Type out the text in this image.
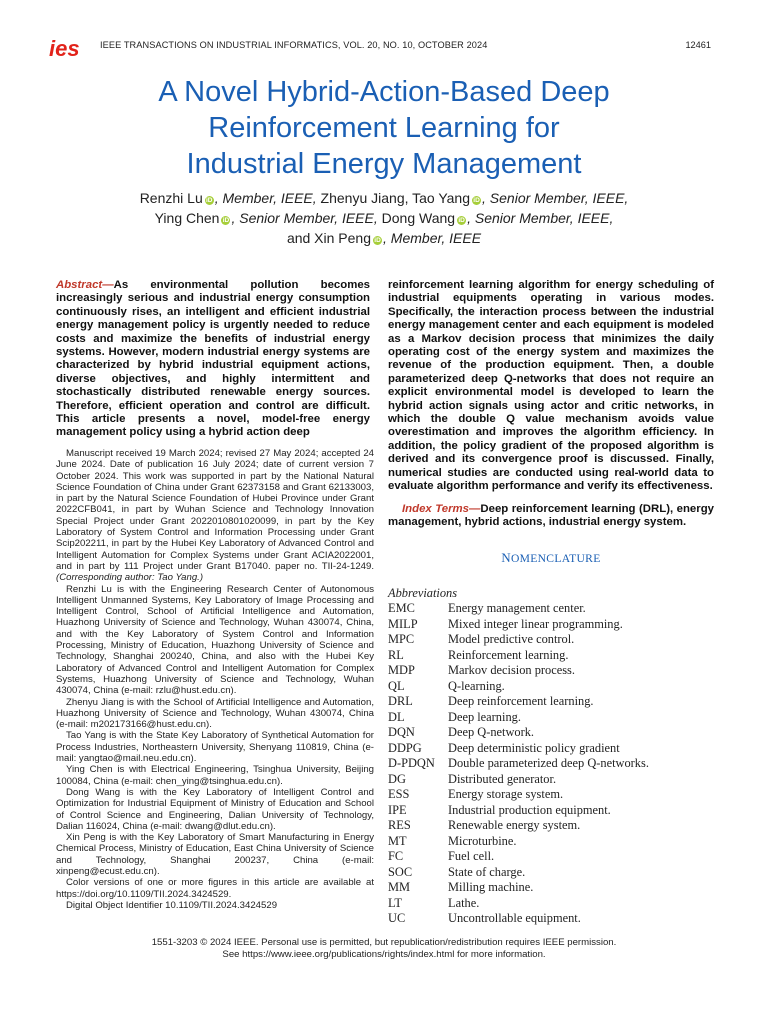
ies IEEE TRANSACTIONS ON INDUSTRIAL INFORMATICS, VOL. 20, NO. 10, OCTOBER 2024	12461
A Novel Hybrid-Action-Based Deep
Reinforcement Learning for
Industrial Energy Management
Renzhi Lu iD , Member, IEEE, Zhenyu Jiang, Tao Yang iD , Senior Member, IEEE,
Ying Chen iD , Senior Member, IEEE, Dong Wang iD , Senior Member, IEEE,
and Xin Peng iD , Member, IEEE
Abstract—As environmental pollution becomes increasingly serious and industrial energy consumption continuously rises, an intelligent and efficient industrial energy management policy is urgently needed to reduce costs and maximize the benefits of industrial energy systems. However, modern industrial energy systems are characterized by hybrid industrial equipment actions, diverse objectives, and highly intermittent and stochastically distributed renewable energy sources. Therefore, efficient operation and control are difficult. This article presents a novel, model-free energy management policy using a hybrid action deep
reinforcement learning algorithm for energy scheduling of industrial equipments operating in various modes. Specifically, the interaction process between the industrial energy management center and each equipment is modeled as a Markov decision process that minimizes the daily operating cost of the energy system and maximizes the revenue of the production equipment. Then, a double parameterized deep Q-networks that does not require an explicit environmental model is developed to learn the hybrid action signals using actor and critic networks, in which the double Q value mechanism avoids value overestimation and improves the algorithm efficiency. In addition, the policy gradient of the proposed algorithm is derived and its convergence proof is discussed. Finally, numerical studies are conducted using real-world data to evaluate algorithm performance and verify its effectiveness.
Index Terms—Deep reinforcement learning (DRL), energy management, hybrid actions, industrial energy system.

Manuscript received 19 March 2024; revised 27 May 2024; accepted 24 June 2024. Date of publication 16 July 2024; date of current version 7 October 2024. This work was supported in part by the National Natural Science Foundation of China under Grant 62373158 and Grant 62133003, in part by the Natural Science Foundation of Hubei Province under Grant 2022CFB041, in part by Wuhan Science and Technology Innovation Special Project under Grant 2022010801020099, in part by the Key Laboratory of System Control and Information Processing under Grant Scip202211, in part by the Hubei Key Laboratory of Advanced Control and Intelligent Automation for Complex Systems under Grant ACIA2022001, and in part by 111 Project under Grant B17040. paper no. TII-24-1249. (Corresponding author: Tao Yang.)

Renzhi Lu is with the Engineering Research Center of Autonomous Intelligent Unmanned Systems, Key Laboratory of Image Processing and Intelligent Control, School of Artificial Intelligence and Automation, Huazhong University of Science and Technology, Wuhan 430074, China, and with the Key Laboratory of System Control and Information Processing, Ministry of Education, Huazhong University of Science and Technology, Shanghai 200240, China, and also with the Hubei Key Laboratory of Advanced Control and Intelligent Automation for Complex Systems, Huazhong University of Science and Technology, Wuhan 430074, China (e-mail: rzlu@hust.edu.cn).

Zhenyu Jiang is with the School of Artificial Intelligence and Automation, Huazhong University of Science and Technology, Wuhan 430074, China (e-mail: m202173166@hust.edu.cn).

Tao Yang is with the State Key Laboratory of Synthetical Automation for Process Industries, Northeastern University, Shenyang 110819, China (e-mail: yangtao@mail.neu.edu.cn).

Ying Chen is with Electrical Engineering, Tsinghua University, Beijing 100084, China (e-mail: chen_ying@tsinghua.edu.cn).

Dong Wang is with the Key Laboratory of Intelligent Control and Optimization for Industrial Equipment of Ministry of Education and School of Control Science and Engineering, Dalian University of Technology, Dalian 116024, China (e-mail: dwang@dlut.edu.cn).

Xin Peng is with the Key Laboratory of Smart Manufacturing in Energy Chemical Process, Ministry of Education, East China University of Science and Technology, Shanghai 200237, China (e-mail: xinpeng@ecust.edu.cn).

Color versions of one or more figures in this article are available at https://doi.org/10.1109/TII.2024.3424529.

Digital Object Identifier 10.1109/TII.2024.3424529

NOMENCLATURE
Abbreviations
EMC	Energy management center.
MILP	Mixed integer linear programming.
MPC	Model predictive control.
RL	Reinforcement learning.
MDP	Markov decision process.
QL	Q-learning.
DRL	Deep reinforcement learning.
DL	Deep learning.
DQN	Deep Q-network.
DDPG	Deep deterministic policy gradient
D-PDQN	Double parameterized deep Q-networks.
DG	Distributed generator.
ESS	Energy storage system.
IPE	Industrial production equipment.
RES	Renewable energy system.
MT	Microturbine.
FC	Fuel cell.
SOC	State of charge.
MM	Milling machine.
LT	Lathe.
UC	Uncontrollable equipment.
1551-3203 © 2024 IEEE. Personal use is permitted, but republication/redistribution requires IEEE permission.
See https://www.ieee.org/publications/rights/index.html for more information.
